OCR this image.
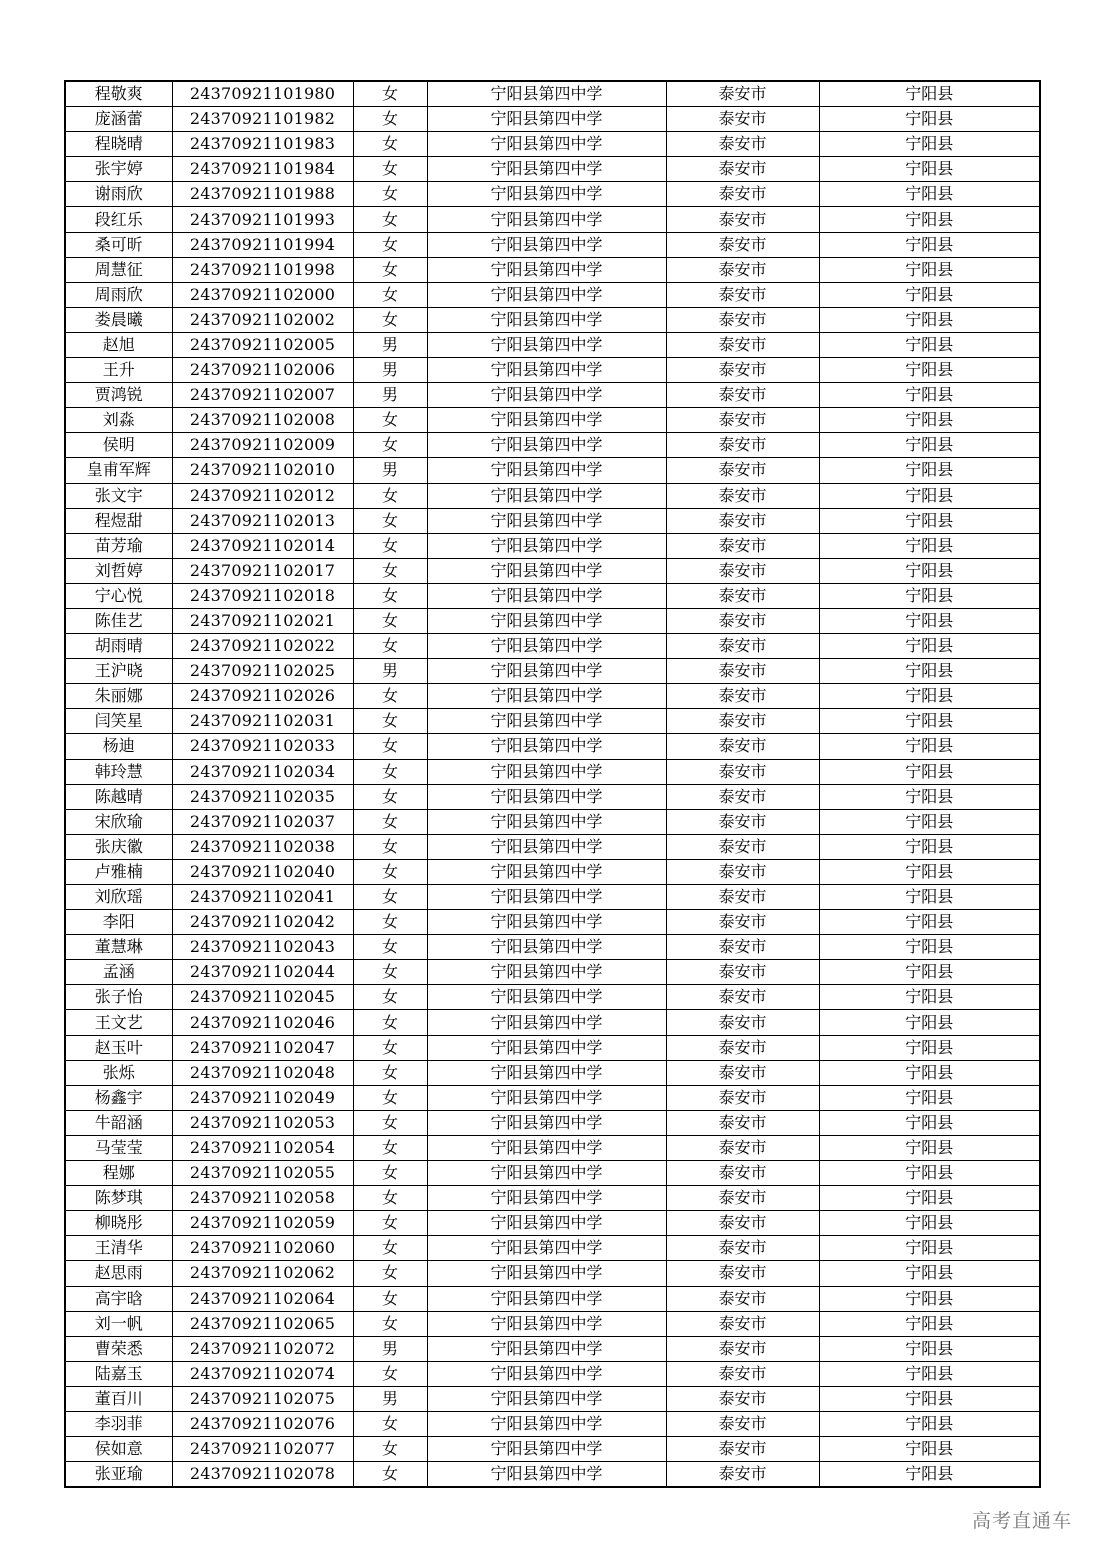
程敬爽	24370921101980	女	宁阳县第四中学	泰安市	宁阳县
庞涵蕾	24370921101982	女	宁阳县第四中学	泰安市	宁阳县
程晓晴	24370921101983	女	宁阳县第四中学	泰安市	宁阳县
张宇婷	24370921101984	女	宁阳县第四中学	泰安市	宁阳县
谢雨欣	24370921101988	女	宁阳县第四中学	泰安市	宁阳县
段红乐	24370921101993	女	宁阳县第四中学	泰安市	宁阳县
桑可昕	24370921101994	女	宁阳县第四中学	泰安市	宁阳县
周慧征	24370921101998	女	宁阳县第四中学	泰安市	宁阳县
周雨欣	24370921102000	女	宁阳县第四中学	泰安市	宁阳县
娄晨曦	24370921102002	女	宁阳县第四中学	泰安市	宁阳县
赵旭	24370921102005	男	宁阳县第四中学	泰安市	宁阳县
王升	24370921102006	男	宁阳县第四中学	泰安市	宁阳县
贾鸿锐	24370921102007	男	宁阳县第四中学	泰安市	宁阳县
刘淼	24370921102008	女	宁阳县第四中学	泰安市	宁阳县
侯明	24370921102009	女	宁阳县第四中学	泰安市	宁阳县
皇甫军辉	24370921102010	男	宁阳县第四中学	泰安市	宁阳县
张文宇	24370921102012	女	宁阳县第四中学	泰安市	宁阳县
程煜甜	24370921102013	女	宁阳县第四中学	泰安市	宁阳县
苗芳瑜	24370921102014	女	宁阳县第四中学	泰安市	宁阳县
刘哲婷	24370921102017	女	宁阳县第四中学	泰安市	宁阳县
宁心悦	24370921102018	女	宁阳县第四中学	泰安市	宁阳县
陈佳艺	24370921102021	女	宁阳县第四中学	泰安市	宁阳县
胡雨晴	24370921102022	女	宁阳县第四中学	泰安市	宁阳县
王沪晓	24370921102025	男	宁阳县第四中学	泰安市	宁阳县
朱丽娜	24370921102026	女	宁阳县第四中学	泰安市	宁阳县
闫笑星	24370921102031	女	宁阳县第四中学	泰安市	宁阳县
杨迪	24370921102033	女	宁阳县第四中学	泰安市	宁阳县
韩玲慧	24370921102034	女	宁阳县第四中学	泰安市	宁阳县
陈越晴	24370921102035	女	宁阳县第四中学	泰安市	宁阳县
宋欣瑜	24370921102037	女	宁阳县第四中学	泰安市	宁阳县
张庆徽	24370921102038	女	宁阳县第四中学	泰安市	宁阳县
卢雅楠	24370921102040	女	宁阳县第四中学	泰安市	宁阳县
刘欣瑶	24370921102041	女	宁阳县第四中学	泰安市	宁阳县
李阳	24370921102042	女	宁阳县第四中学	泰安市	宁阳县
董慧琳	24370921102043	女	宁阳县第四中学	泰安市	宁阳县
孟涵	24370921102044	女	宁阳县第四中学	泰安市	宁阳县
张子怡	24370921102045	女	宁阳县第四中学	泰安市	宁阳县
王文艺	24370921102046	女	宁阳县第四中学	泰安市	宁阳县
赵玉叶	24370921102047	女	宁阳县第四中学	泰安市	宁阳县
张烁	24370921102048	女	宁阳县第四中学	泰安市	宁阳县
杨鑫宇	24370921102049	女	宁阳县第四中学	泰安市	宁阳县
牛韶涵	24370921102053	女	宁阳县第四中学	泰安市	宁阳县
马莹莹	24370921102054	女	宁阳县第四中学	泰安市	宁阳县
程娜	24370921102055	女	宁阳县第四中学	泰安市	宁阳县
陈梦琪	24370921102058	女	宁阳县第四中学	泰安市	宁阳县
柳晓彤	24370921102059	女	宁阳县第四中学	泰安市	宁阳县
王清华	24370921102060	女	宁阳县第四中学	泰安市	宁阳县
赵思雨	24370921102062	女	宁阳县第四中学	泰安市	宁阳县
高宇晗	24370921102064	女	宁阳县第四中学	泰安市	宁阳县
刘一帆	24370921102065	女	宁阳县第四中学	泰安市	宁阳县
曹荣悉	24370921102072	男	宁阳县第四中学	泰安市	宁阳县
陆嘉玉	24370921102074	女	宁阳县第四中学	泰安市	宁阳县
董百川	24370921102075	男	宁阳县第四中学	泰安市	宁阳县
李羽菲	24370921102076	女	宁阳县第四中学	泰安市	宁阳县
侯如意	24370921102077	女	宁阳县第四中学	泰安市	宁阳县
张亚瑜	24370921102078	女	宁阳县第四中学	泰安市	宁阳县
高考直通车
